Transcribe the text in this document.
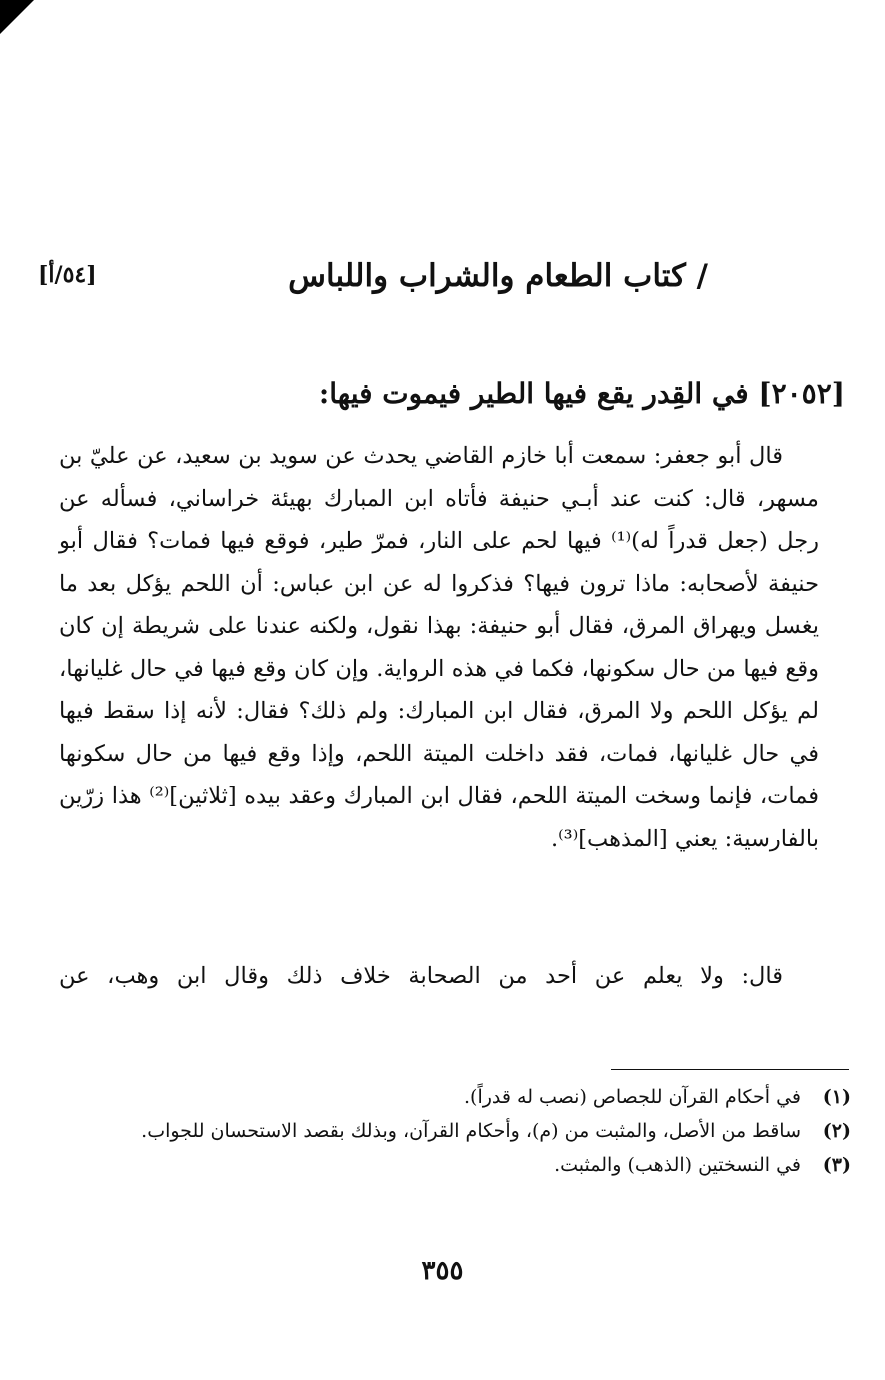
[٥٤/أ]	/ كتاب الطعام والشراب واللباس
[٢٠٥٢] في القِدر يقع فيها الطير فيموت فيها:

قال أبو جعفر: سمعت أبا خازم القاضي يحدث عن سويد بن سعيد، عن عليّ بن مسهر، قال: كنت عند أبـي حنيفة فأتاه ابن المبارك بهيئة خراساني، فسأله عن رجل (جعل قدراً له)⁽¹⁾ فيها لحم على النار، فمرّ طير، فوقع فيها فمات؟ فقال أبو حنيفة لأصحابه: ماذا ترون فيها؟ فذكروا له عن ابن عباس: أن اللحم يؤكل بعد ما يغسل ويهراق المرق، فقال أبو حنيفة: بهذا نقول، ولكنه عندنا على شريطة إن كان وقع فيها من حال سكونها، فكما في هذه الرواية. وإن كان وقع فيها في حال غليانها، لم يؤكل اللحم ولا المرق، فقال ابن المبارك: ولم ذلك؟ فقال: لأنه إذا سقط فيها في حال غليانها، فمات، فقد داخلت الميتة اللحم، وإذا وقع فيها من حال سكونها فمات، فإنما وسخت الميتة اللحم، فقال ابن المبارك وعقد بيده [ثلاثين]⁽²⁾ هذا زرّين بالفارسية: يعني [المذهب]⁽³⁾.

قال: ولا يعلم عن أحد من الصحابة خلاف ذلك وقال ابن وهب، عن

(١)
في أحكام القرآن للجصاص (نصب له قدراً).
(٢)
ساقط من الأصل، والمثبت من (م)، وأحكام القرآن، وبذلك بقصد الاستحسان للجواب.
(٣)
في النسختين (الذهب) والمثبت.
٣٥٥
